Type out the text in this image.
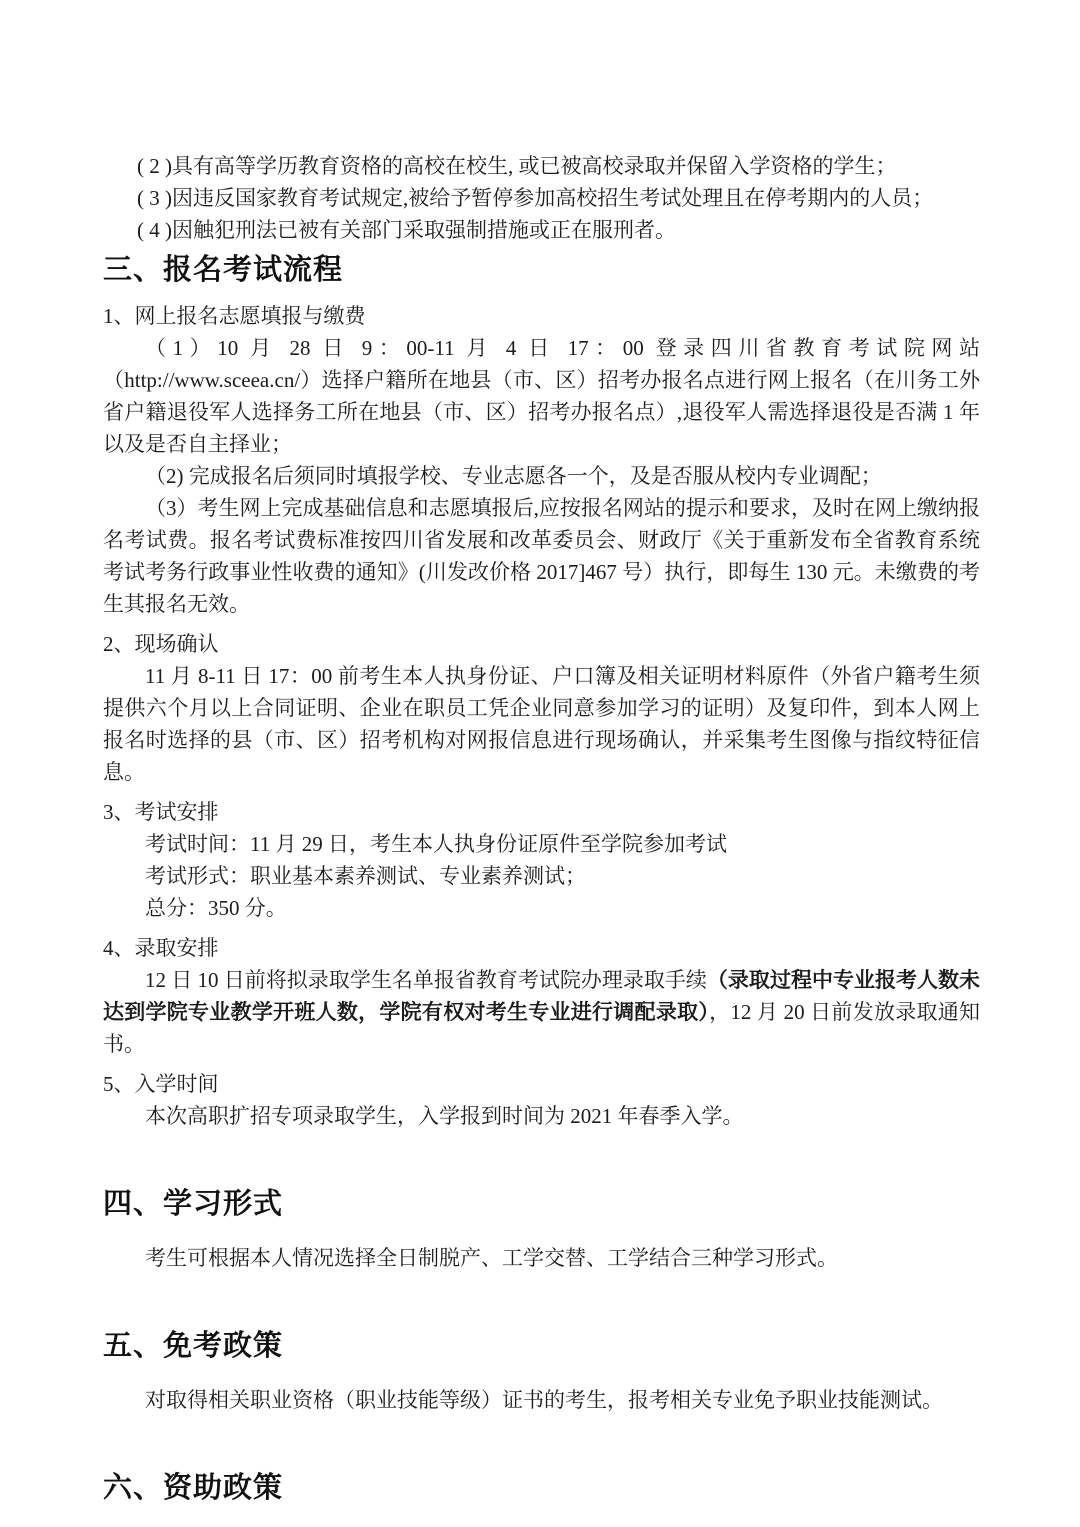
( 2 )具有高等学历教育资格的高校在校生, 或已被高校录取并保留入学资格的学生；

( 3 )因违反国家教育考试规定,被给予暂停参加高校招生考试处理且在停考期内的人员；

( 4 )因触犯刑法已被有关部门采取强制措施或正在服刑者。

三、报名考试流程

1、网上报名志愿填报与缴费

（1）10 月 28 日 9：00-11 月 4 日 17：00 登录四川省教育考试院网站（http://www.sceea.cn/）选择户籍所在地县（市、区）招考办报名点进行网上报名（在川务工外省户籍退役军人选择务工所在地县（市、区）招考办报名点）,退役军人需选择退役是否满 1 年以及是否自主择业；

（2) 完成报名后须同时填报学校、专业志愿各一个，及是否服从校内专业调配；

（3）考生网上完成基础信息和志愿填报后,应按报名网站的提示和要求，及时在网上缴纳报名考试费。报名考试费标准按四川省发展和改革委员会、财政厅《关于重新发布全省教育系统考试考务行政事业性收费的通知》(川发改价格 2017]467 号）执行，即每生 130 元。未缴费的考生其报名无效。

2、现场确认

11 月 8-11 日 17：00 前考生本人执身份证、户口簿及相关证明材料原件（外省户籍考生须提供六个月以上合同证明、企业在职员工凭企业同意参加学习的证明）及复印件，到本人网上报名时选择的县（市、区）招考机构对网报信息进行现场确认，并采集考生图像与指纹特征信息。

3、考试安排

考试时间：11 月 29 日，考生本人执身份证原件至学院参加考试

考试形式：职业基本素养测试、专业素养测试；

总分：350 分。

4、录取安排

12 日 10 日前将拟录取学生名单报省教育考试院办理录取手续（录取过程中专业报考人数未达到学院专业教学开班人数，学院有权对考生专业进行调配录取），12 月 20 日前发放录取通知书。

5、入学时间

本次高职扩招专项录取学生，入学报到时间为 2021 年春季入学。

四、学习形式

考生可根据本人情况选择全日制脱产、工学交替、工学结合三种学习形式。

五、免考政策

对取得相关职业资格（职业技能等级）证书的考生，报考相关专业免予职业技能测试。

六、资助政策
